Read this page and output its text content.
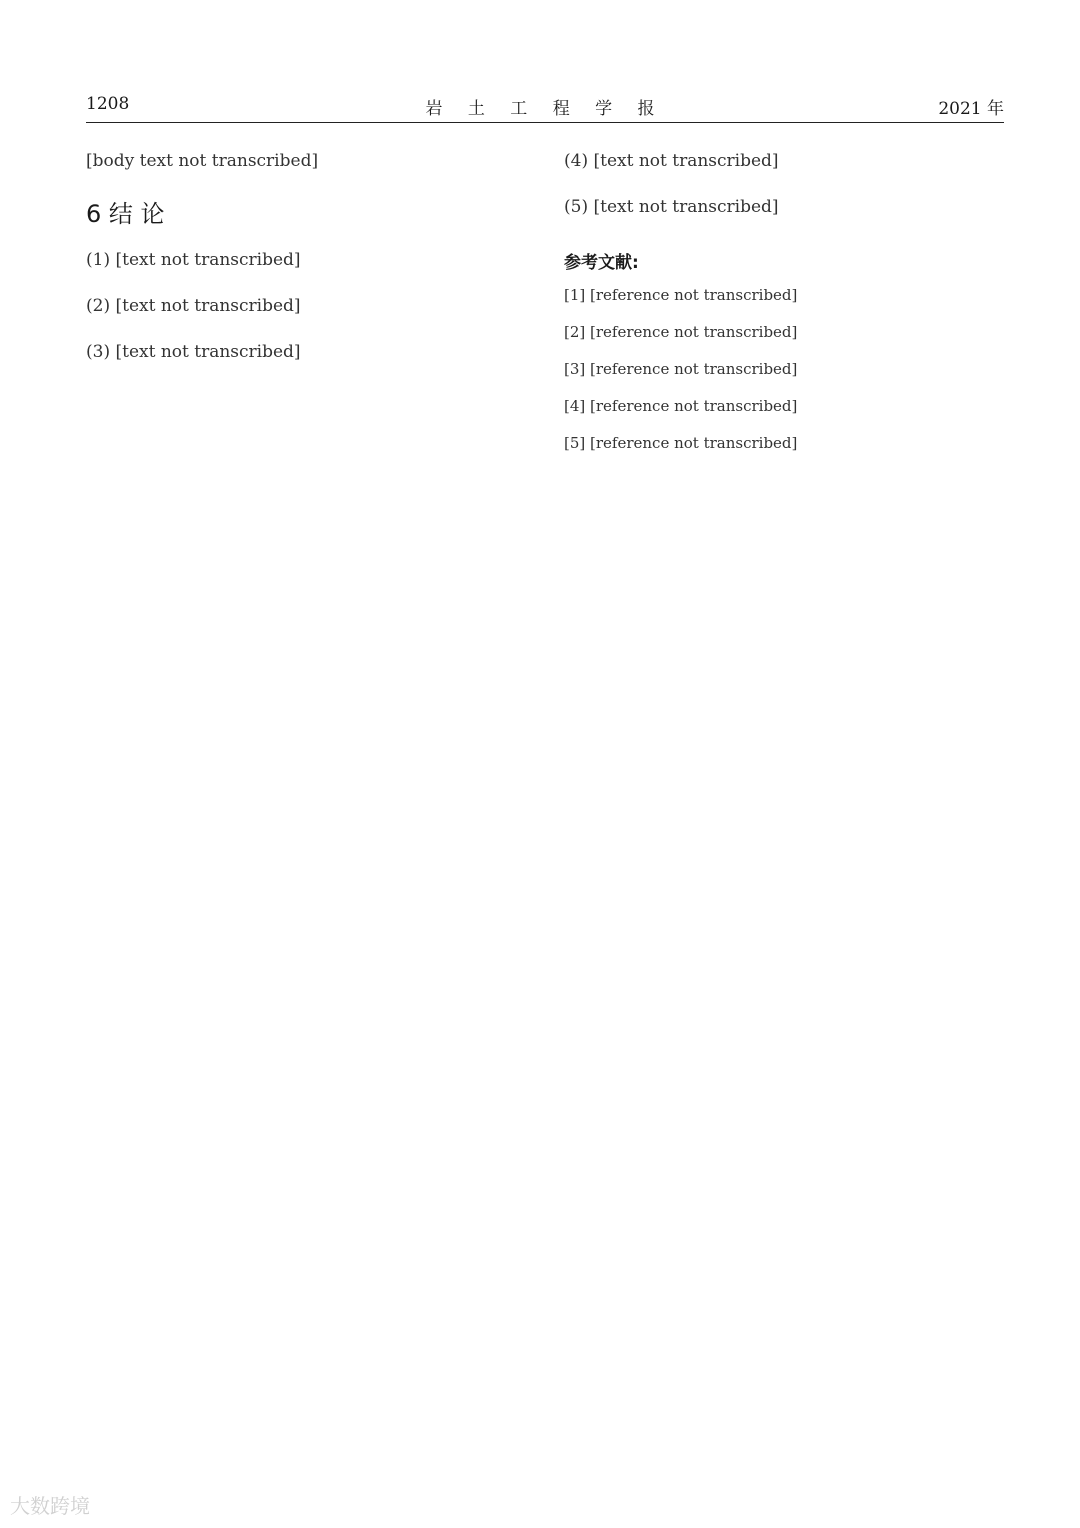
1208	岩 土 工 程 学 报	2021 年

[body text not transcribed]

6 结 论

(1) [text not transcribed]

(2) [text not transcribed]

(3) [text not transcribed]

(4) [text not transcribed]

(5) [text not transcribed]

参考文献:
[1] [reference not transcribed]
[2] [reference not transcribed]
[3] [reference not transcribed]
[4] [reference not transcribed]
[5] [reference not transcribed]
大数跨境
